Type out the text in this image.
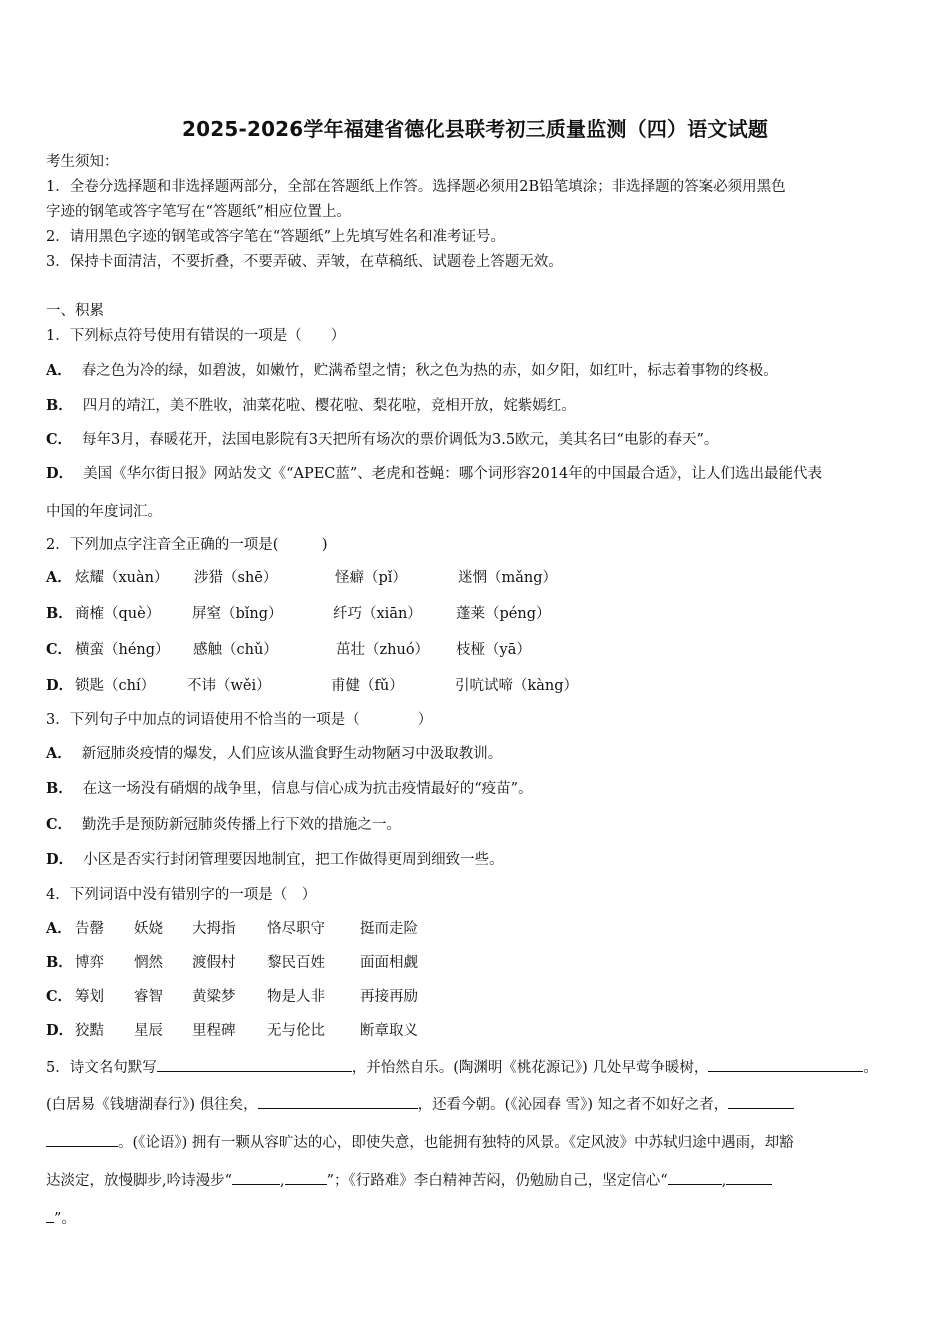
2025-2026学年福建省德化县联考初三质量监测（四）语文试题
考生须知：
1．全卷分选择题和非选择题两部分，全部在答题纸上作答。选择题必须用2B铅笔填涂；非选择题的答案必须用黑色
字迹的钢笔或答字笔写在“答题纸”相应位置上。
2．请用黑色字迹的钢笔或答字笔在“答题纸”上先填写姓名和准考证号。
3．保持卡面清洁，不要折叠，不要弄破、弄皱，在草稿纸、试题卷上答题无效。
一、积累
1．下列标点符号使用有错误的一项是（　　）
A． 春之色为冷的绿，如碧波，如嫩竹，贮满希望之情；秋之色为热的赤，如夕阳，如红叶，标志着事物的终极。
B． 四月的靖江，美不胜收，油菜花啦、樱花啦、梨花啦，竞相开放，姹紫嫣红。
C． 每年3月，春暖花开，法国电影院有3天把所有场次的票价调低为3.5欧元，美其名曰“电影的春天”。
D． 美国《华尔街日报》网站发文《“APEC蓝”、老虎和苍蝇：哪个词形容2014年的中国最合适》，让人们选出最能代表
中国的年度词汇。
2．下列加点字注音全正确的一项是(　　　)
A． 炫耀（xuàn） 涉猎（shē）	怪癖（pǐ）	迷惘（mǎng）
B． 商榷（què） 屏窒（bǐng）	纤巧（xiān） 蓬莱（péng）
C． 横蛮（héng） 感触（chǔ）	茁壮（zhuó） 枝桠（yā）
D． 锁匙（chí） 不讳（wěi）	甫健（fǔ）	引吭试啼（kàng）
3．下列句子中加点的词语使用不恰当的一项是（　　　　）
A． 新冠肺炎疫情的爆发，人们应该从滥食野生动物陋习中汲取教训。
B． 在这一场没有硝烟的战争里，信息与信心成为抗击疫情最好的“疫苗”。
C． 勤洗手是预防新冠肺炎传播上行下效的措施之一。
D． 小区是否实行封闭管理要因地制宜，把工作做得更周到细致一些。
4．下列词语中没有错别字的一项是（　）
A． 告罄 妖娆 大拇指 恪尽职守 挺而走险
B． 博弈 惘然 渡假村 黎民百姓 面面相觑
C． 筹划 睿智 黄粱梦 物是人非 再接再励
D． 狡黠 星辰 里程碑 无与伦比 断章取义
5．诗文名句默写	，并怡然自乐。(陶渊明《桃花源记》) 几处早莺争暖树，	。
(白居易《钱塘湖春行》) 俱往矣，	，还看今朝。(《沁园春 雪》) 知之者不如好之者，
。(《论语》) 拥有一颗从容旷达的心，即使失意，也能拥有独特的风景。《定风波》中苏轼归途中遇雨，却豁
达淡定，放慢脚步,吟诗漫步“	,	”；《行路难》李白精神苦闷，仍勉励自己，坚定信心“	,
”。
